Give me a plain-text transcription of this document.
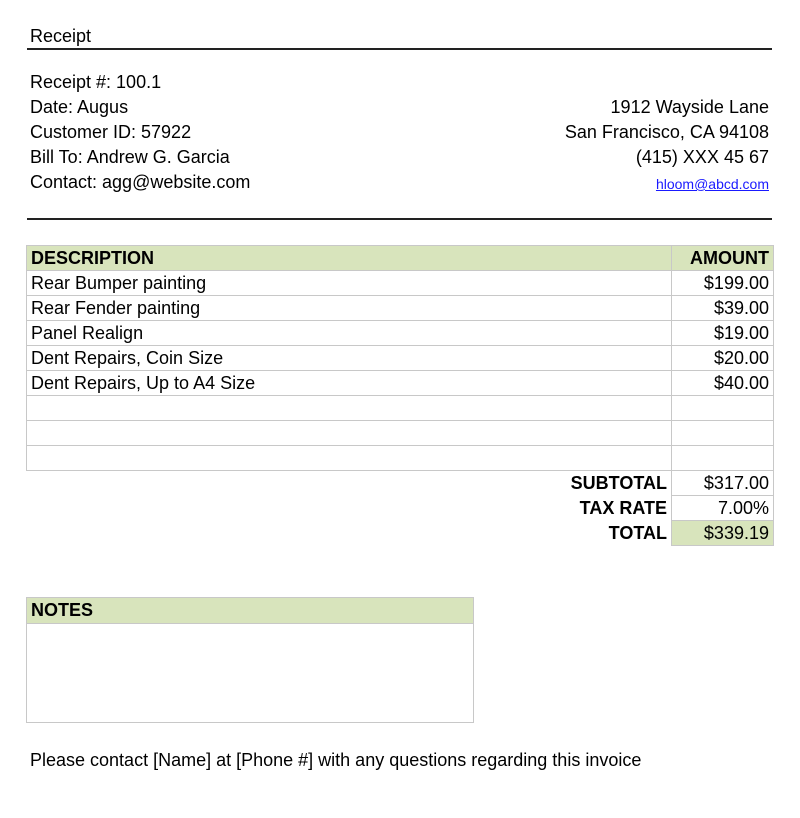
Receipt
Receipt #: 100.1
Date: Augus
Customer ID: 57922
Bill To: Andrew G. Garcia
Contact: agg@website.com
1912 Wayside Lane
San Francisco, CA 94108
(415) XXX 45 67
hloom@abcd.com
DESCRIPTION	AMOUNT
Rear Bumper painting	$199.00
Rear Fender painting	$39.00
Panel Realign	$19.00
Dent Repairs, Coin Size	$20.00
Dent Repairs, Up to A4 Size	$40.00

SUBTOTAL	$317.00
TAX RATE	7.00%
TOTAL	$339.19
NOTES
Please contact [Name] at [Phone #] with any questions regarding this invoice
